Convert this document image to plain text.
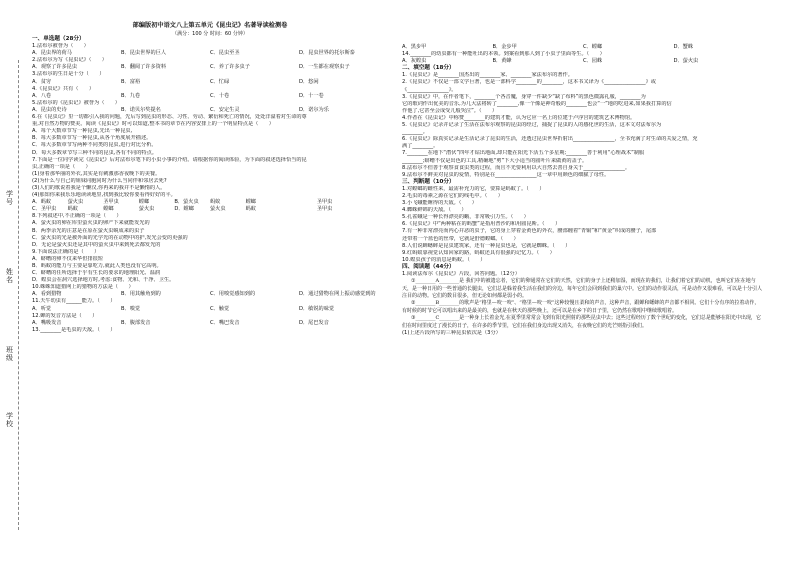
学号
姓名
班级
学校
部编版初中语文八上第五单元《昆虫记》名著导读检测卷
（满分：100 分 时间：60 分钟）
一、单选题（28分）
1.法布尔被誉为（　　）
A．昆虫界的荷马	B．昆虫世界的巨人	C．昆虫至圣	D．昆虫世界的托尔斯泰
2.法布尔为写《昆虫记》（　　）
A．观察了许多昆虫	B．翻阅了许多资料	C．养了许多虫子	D．一生都在观察虫子
3.法布尔的生日是十分（　　）
A．贫穷	B．富裕	C．忙碌	D．悠闲
4.《昆虫记》共有（　　）
A．八卷	B．九卷	C．十卷	D．十一卷
5.法布尔的《昆虫记》被誉为（　　）
A．昆虫的史诗	B．诺贝尔奖提名	C．安定生灵	D．诺尔为乐
6.在《昆虫记》里一切都引入我的问题，先后写到昆虫的形态、习性、劳动、繁衍和死亡的情况，处处洋溢着对生命的尊
重,对自然万物的赞美。阅读《昆虫记》时可以知道,整本书的章节在内容安排上的一个明显特点是（　　）
A．每个大数章节写一种昆虫,先出一种昆虫,
B．每大多数章节写一种昆虫,从各个角度展开描述。
C．每大多数章节写两种不同类的昆虫,进行对比分析。
D．每大多数章节写三种不同的昆虫,各有不同的特点。
7.下面是一位同学读完《昆虫记》后对法布尔笔下的小虫小事的介绍。请根据你的阅读体验，为下面的叙述选择恰当的昆
虫,正确的一项是（　　）
(1)身着那华丽的外衣,其实是有刺激那香夜晚下的美餐。
(2)为什么与自己的姐妹同胞同时为什么当同伴和邻居去死?
(3)人们的歌说着我是个懒汉,你再来的我并不是懒惰的人。
(4)那知你来我乐乐地读读地里,找到我比较你要看得好好的平。
A．蚂蚁	萤火虫	圣甲虫	螳螂	B．萤火虫	蚂蚁	螳螂	圣甲虫
C．圣甲虫	蚂蚁	螳螂	萤火虫	D．螳螂	萤火虫	蚂蚁	圣甲虫
8.下列叙述中,不正确的一项是（　　）
A．萤火虫的卵在库里萤火虫的卵产下来就能发光的
B．两季余光的注意是在原在萤火虫蜕成来的虫子
C．萤火虫的光是被外面的光学光的在动物中的护,发光会变的更强的
D．无论是萤火虫还是其中的萤火虫中来到死去都发光的
9.下面说法正确的是（　　）
A．蛴螬的卵不仅来华但排很短
B．蚂蚁的能力与主要是靠吃力,就此人类也没有它高明。
C．蛴螬的任所选择于乎有生长的要求的地理阳光、温润
D．蝗虫会在洞穴选择地方时,考虑:食物、光和、干净、卫生。
10.蛛蛛知道猎网上的猎物的方法是（　　）
A．看到猎物	B．用其触角到的	C．用嗅觉感知到的	D．通过猎物在网上振动感觉到的
11.天牛幼虫有______能力。（　　）
A．听觉	B．嗅觉	C．触觉	D．敏锐的味觉
12.蝉的发音方法是（　　）
A．嘴吸发音	B．腹部发音	C．嘴巴发音	D．尾巴发音
13.________是毛虫的天敌。（　　）
A．黑步甲	B．金步甲	C．螳螂	D．蟹蛛
14.________的幼虫都有一种能吐出的本领。到案看到那人到了小虫子里面等生。（　　）
A．灰蝗虫	B．黄蜂	C．园蛛	D．萤火虫
二、填空题（18分）
1.《昆虫记》是________国杰出的________家、________家法布尔的著作。
2.《昆虫记》不仅是一部文学巨著，也是一部科学________的________，这本书又译为《________________》或
《________________》。
3.《昆虫记》中，在作者笔下，________个各音魔，身穿一件缺少“缺了布料”的黑色微露礼服，________为
它的歌词作出优美的音乐,为几大法将转了________,像一个像是神奇般的________也会“一”地的吃进来,如果我打算的信
作他了,它甚至会成受儿般哭泣”。（　　）
4.作者在《昆虫记》中称赞________的建筑才能，认为它应一名上的位建于卢浮宫的建筑艺术博物馆。
5.《昆虫记》记录并记录了生活在法布尔观察的昆虫的经过，捕捉了昆虫的人的感化世的生活，这本文对法布尔为
________。
6.《昆虫记》除真实记录是生活记录了昆虫的生活，还透过昆虫世界折射出________________，全书充满了对生命的关爱之情，充
满了________。
7.________在地下“潜伏”四年才钻出地面,却只能在阳光下活五个多星期;________善于利用“心理战术”制服
________;蛴螬不仅是出色的工具,精确地“剪”下大小适当的圆叶片来做黄的盖子。
8.法布尔不但善于观察食食虫类的过程，而且不光要利用以大自然去善自身关于________________。
9.法布尔不鲜美对昆虫的爱情，特别是在________________这一章中用颜色的细腻了母性。
三、判断题（10分）
1.对螳螂的雌性来，最需补充力的它，要算是蚂蚁了。（　　）
2.毛虫的毒素之源在它们的线毛中。（　　）
3.小飞蛾能睡得的天敌。（　　）
4.蜘蛛鲜锦的天敌。（　　）
5.孔雀蛾是一种长得漂亮的蛾，非常吸引力生。（　　）
6.《昆虫记》中“两种粘在的蚂蟹”是指用普沙的和用圆昆斯。（　　）
7.有一种非常漂亮而内心并恶的虫子，它的身上穿着金黄色的外衣，腰部缠着“青铜”和“黄金”织成的腰子，尾部
还带着一个蓝色的丝带，它就是舒德螳螂。（　　）
8.人们说蝉蟋蟀是昆虫建筑家，还有一种昆虫也是，它就是蜘蛛。（　　）
9.红蚂蚁靠视觉认知回家的路，蚂蚁还具有很强的记忆力。（　　）
10.蝗虫孩子的消息是蚂蚁。（　　）
四、阅读题（44分）
1.阅读法布尔《昆虫记》片段，回答问题。（12分）
①________A________是 我们中的被遗忘者，它们的卵通常在它们的天然，它们的身子上还稍加湿，而现在的我们，让我们着它们的动机，也叫它们在在地与天，是一种日用的一些普通的长腿虫，它们总是躲着我生活在我们的旁边，每年它们会回到我们的巢穴中。它们的动作很灵活，可是动作又很难看，可以是十分引人注目的动物。它们的数目很多，但无论如何都是弱小的。
②________B________的歌声是“格里—咬一咬”、“格里—咬一咬”这种较慢且柔和的声音，这种声音，跟蝉和蟋蟀的声音都不相同。它们十分有序的拉着动作，有时候的时节它可以唱出来的是最美的，也就是在秋天的那些晚上，还可以是在乡下的日子里，它仍然在歌唱中继续歌唱着。
③________C________是一种身上长着金光,在夏季里常常会飞到有阳光照射的那些昆虫中去；这些过程经历了数个世纪的变化，它们总是能够在阳光中出现，它们在时间里度过了漫长的日子，在许多的季节里，它们在我们身边出现又消失，在夜晚它们的光芒则指引我们。
(1)上述片段所写的三种昆虫依次是（3分）
